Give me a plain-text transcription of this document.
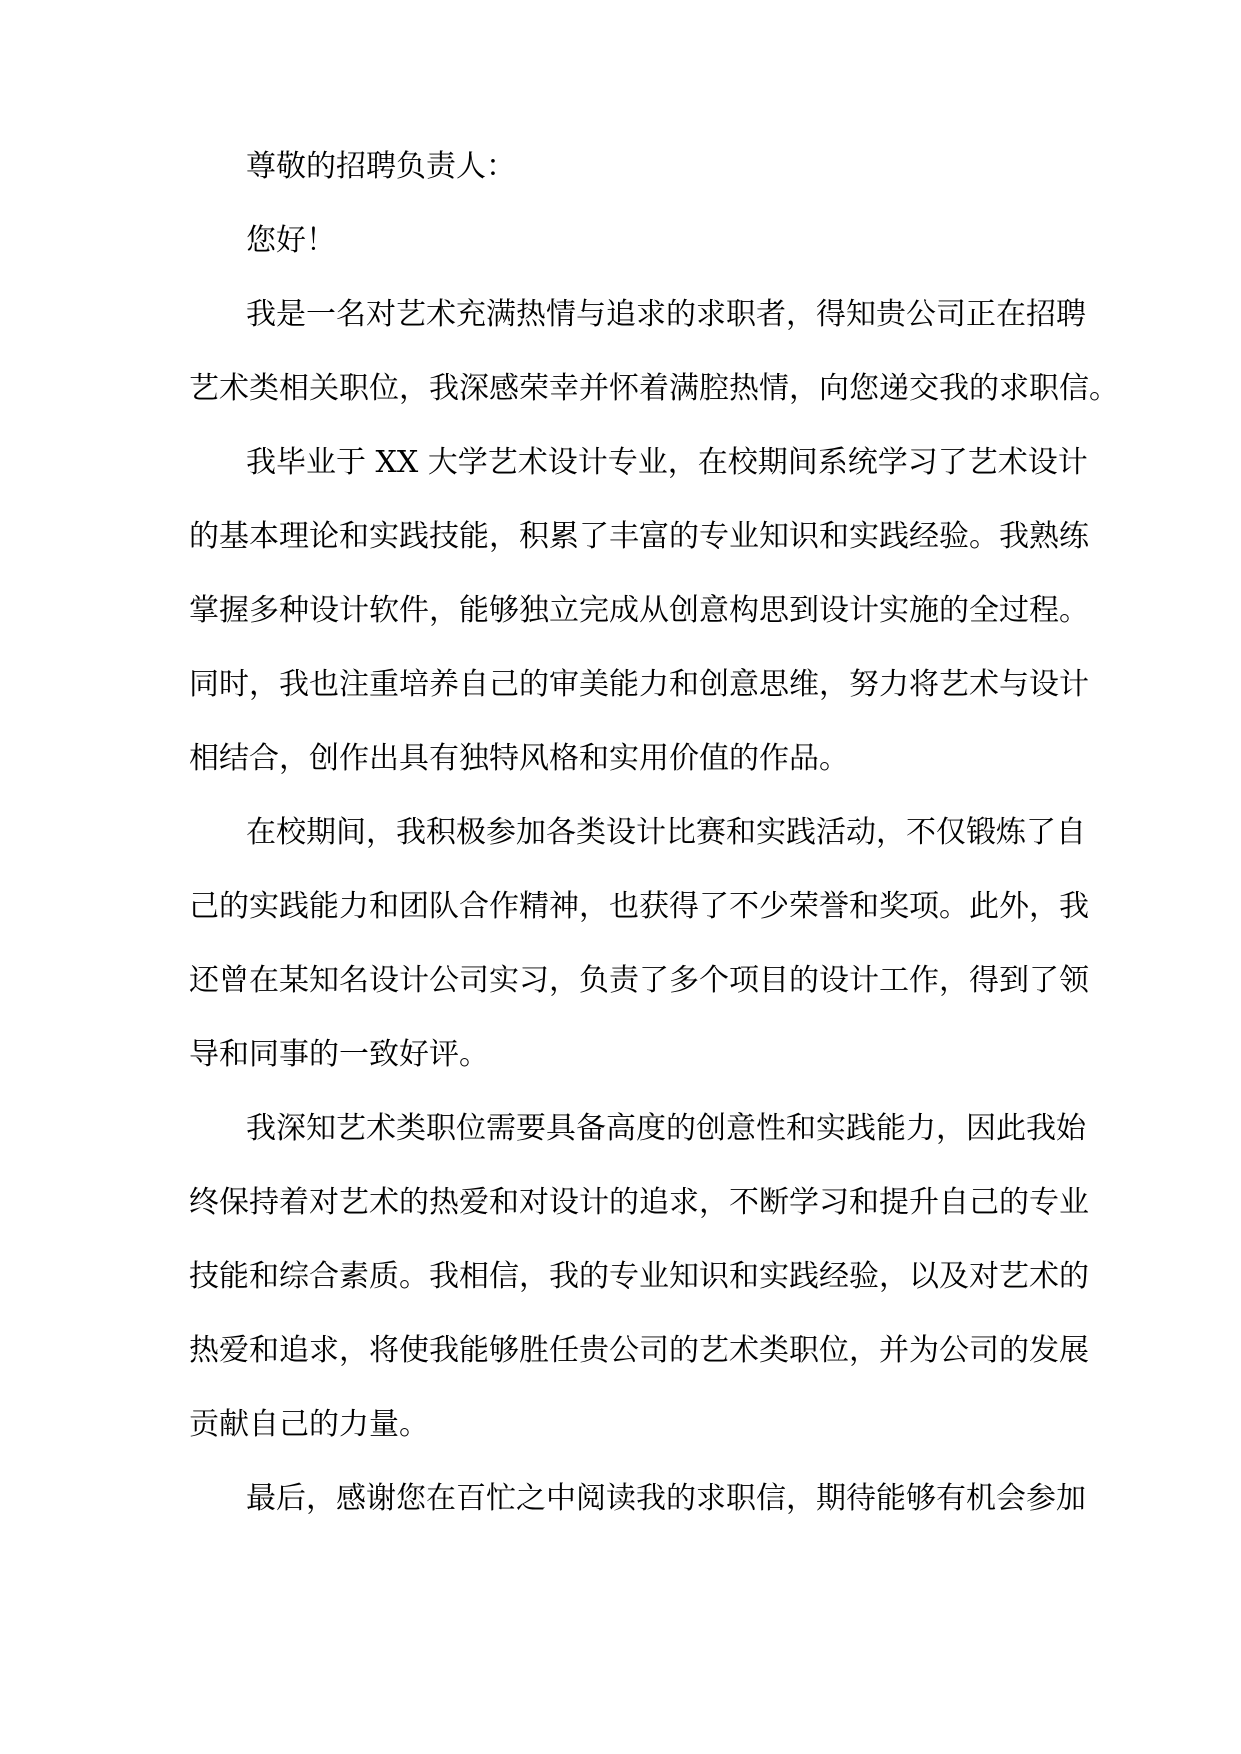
尊敬的招聘负责人：
您好！
我是一名对艺术充满热情与追求的求职者，得知贵公司正在招聘
艺术类相关职位，我深感荣幸并怀着满腔热情，向您递交我的求职信。
我毕业于 XX 大学艺术设计专业，在校期间系统学习了艺术设计
的基本理论和实践技能，积累了丰富的专业知识和实践经验。我熟练
掌握多种设计软件，能够独立完成从创意构思到设计实施的全过程。
同时，我也注重培养自己的审美能力和创意思维，努力将艺术与设计
相结合，创作出具有独特风格和实用价值的作品。
在校期间，我积极参加各类设计比赛和实践活动，不仅锻炼了自
己的实践能力和团队合作精神，也获得了不少荣誉和奖项。此外，我
还曾在某知名设计公司实习，负责了多个项目的设计工作，得到了领
导和同事的一致好评。
我深知艺术类职位需要具备高度的创意性和实践能力，因此我始
终保持着对艺术的热爱和对设计的追求，不断学习和提升自己的专业
技能和综合素质。我相信，我的专业知识和实践经验，以及对艺术的
热爱和追求，将使我能够胜任贵公司的艺术类职位，并为公司的发展
贡献自己的力量。
最后，感谢您在百忙之中阅读我的求职信，期待能够有机会参加
